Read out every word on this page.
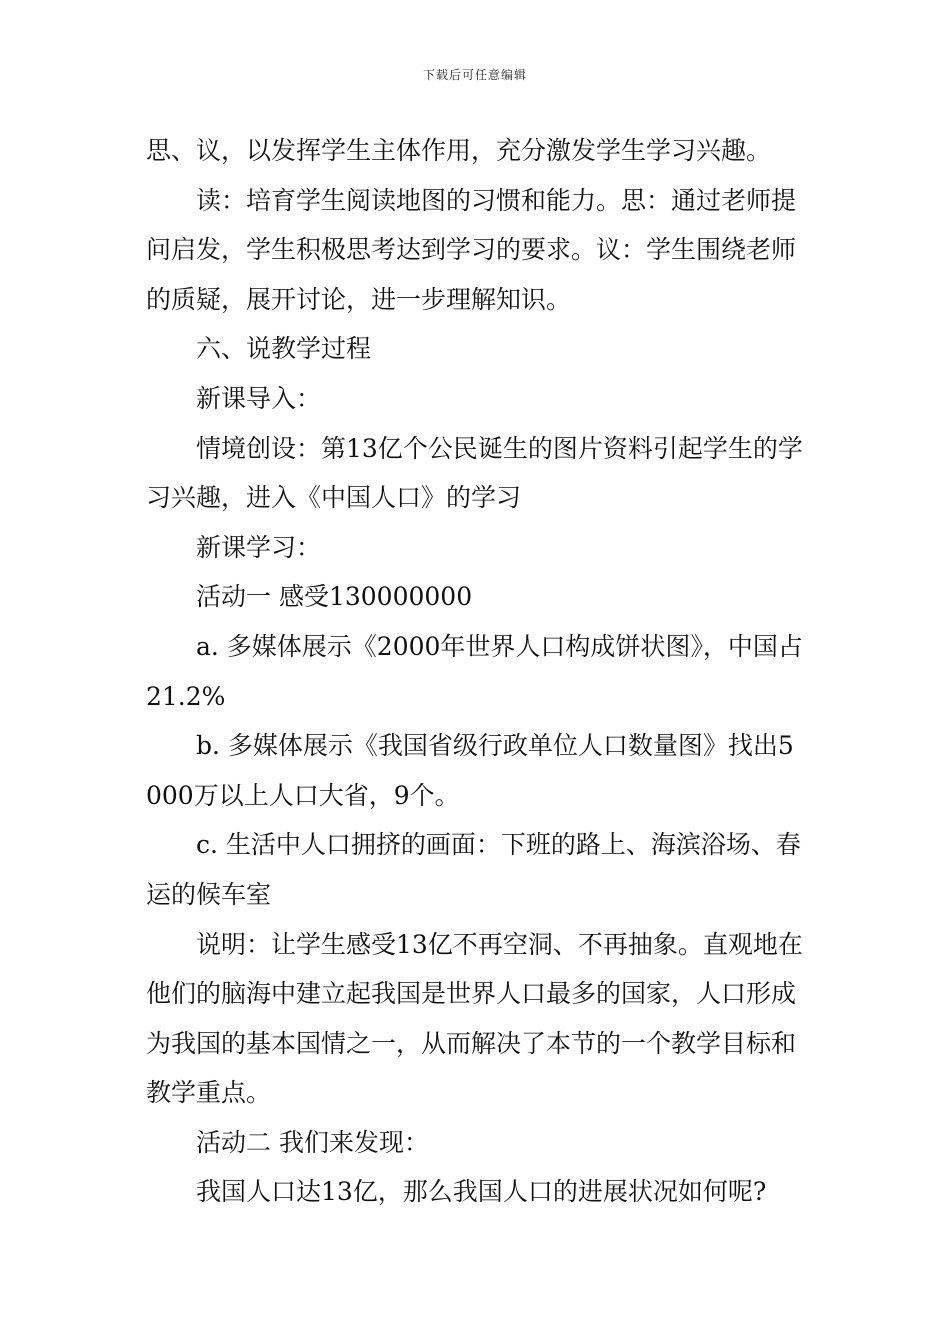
下载后可任意编辑

思、议，以发挥学生主体作用，充分激发学生学习兴趣。

读：培育学生阅读地图的习惯和能力。思：通过老师提问启发，学生积极思考达到学习的要求。议：学生围绕老师的质疑，展开讨论，进一步理解知识。

六、说教学过程

新课导入：

情境创设：第13亿个公民诞生的图片资料引起学生的学习兴趣，进入《中国人口》的学习

新课学习：

活动一 感受130000000

a. 多媒体展示《2000年世界人口构成饼状图》，中国占21.2%

b. 多媒体展示《我国省级行政单位人口数量图》找出5000万以上人口大省，9个。

c. 生活中人口拥挤的画面：下班的路上、海滨浴场、春运的候车室

说明：让学生感受13亿不再空洞、不再抽象。直观地在他们的脑海中建立起我国是世界人口最多的国家，人口形成为我国的基本国情之一，从而解决了本节的一个教学目标和教学重点。

活动二 我们来发现：

我国人口达13亿，那么我国人口的进展状况如何呢?
